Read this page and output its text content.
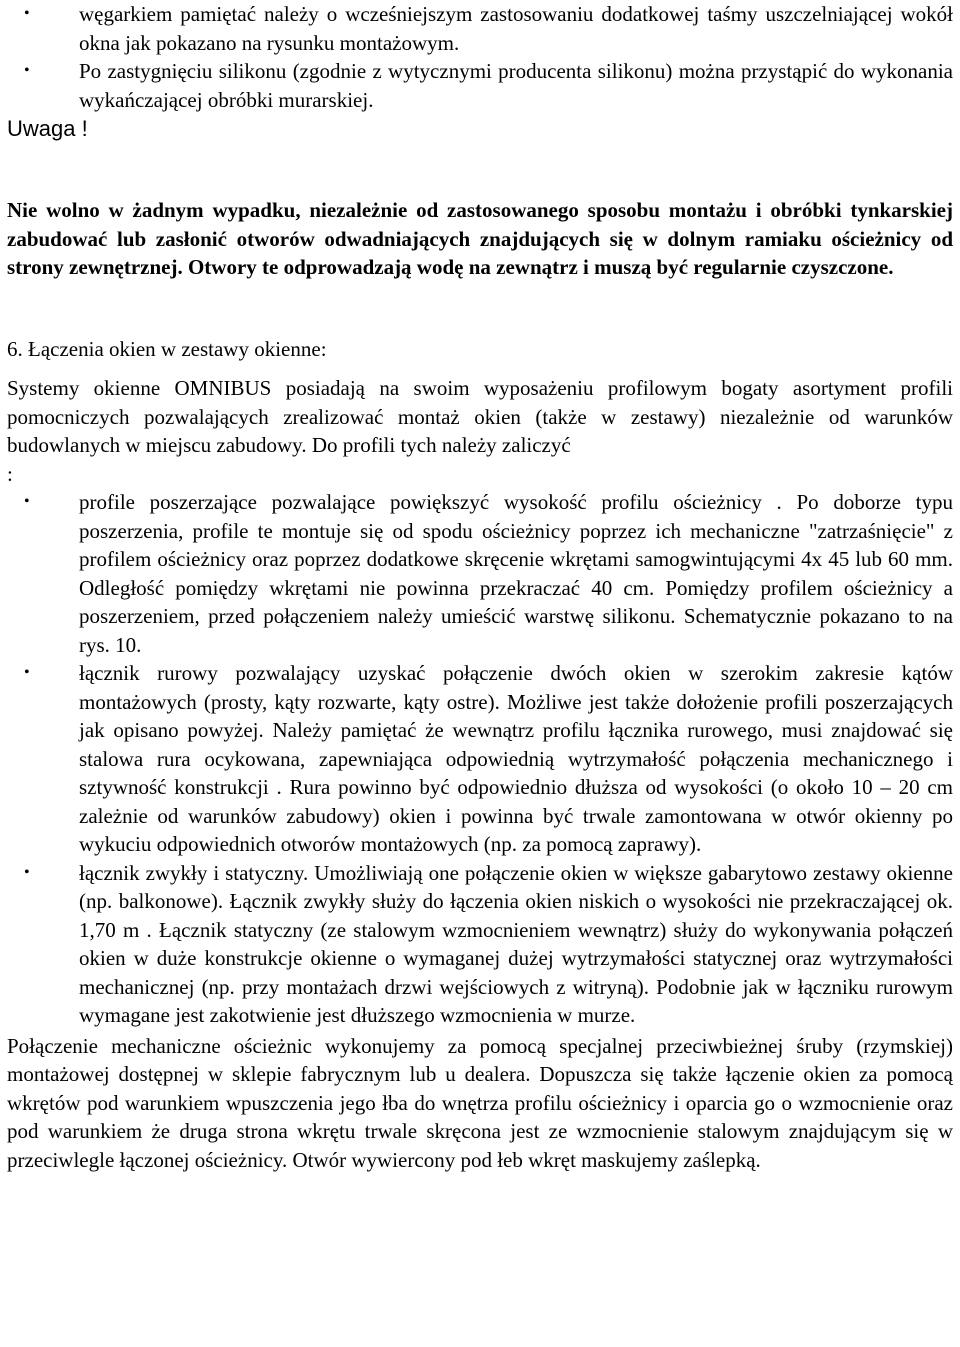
• węgarkiem pamiętać należy o wcześniejszym zastosowaniu dodatkowej taśmy uszczelniającej wokół okna jak pokazano na rysunku montażowym.
• Po zastygnięciu silikonu (zgodnie z wytycznymi producenta silikonu) można przystąpić do wykonania wykańczającej obróbki murarskiej.

Uwaga !

Nie wolno w żadnym wypadku, niezależnie od zastosowanego sposobu montażu i obróbki tynkarskiej zabudować lub zasłonić otworów odwadniających znajdujących się w dolnym ramiaku ościeżnicy od strony zewnętrznej. Otwory te odprowadzają wodę na zewnątrz i muszą być regularnie czyszczone.

6. Łączenia okien w zestawy okienne:

Systemy okienne OMNIBUS posiadają na swoim wyposażeniu profilowym bogaty asortyment profili pomocniczych pozwalających zrealizować montaż okien (także w zestawy) niezależnie od warunków budowlanych w miejscu zabudowy. Do profili tych należy zaliczyć

:

• profile poszerzające pozwalające powiększyć wysokość profilu ościeżnicy . Po doborze typu poszerzenia, profile te montuje się od spodu ościeżnicy poprzez ich mechaniczne "zatrzaśnięcie" z profilem ościeżnicy oraz poprzez dodatkowe skręcenie wkrętami samogwintującymi 4x 45 lub 60 mm. Odległość pomiędzy wkrętami nie powinna przekraczać 40 cm. Pomiędzy profilem ościeżnicy a poszerzeniem, przed połączeniem należy umieścić warstwę silikonu. Schematycznie pokazano to na rys. 10.
• łącznik rurowy pozwalający uzyskać połączenie dwóch okien w szerokim zakresie kątów montażowych (prosty, kąty rozwarte, kąty ostre). Możliwe jest także dołożenie profili poszerzających jak opisano powyżej. Należy pamiętać że wewnątrz profilu łącznika rurowego, musi znajdować się stalowa rura ocykowana, zapewniająca odpowiednią wytrzymałość połączenia mechanicznego i sztywność konstrukcji . Rura powinno być odpowiednio dłuższa od wysokości (o około 10 – 20 cm zależnie od warunków zabudowy) okien i powinna być trwale zamontowana w otwór okienny po wykuciu odpowiednich otworów montażowych (np. za pomocą zaprawy).
• łącznik zwykły i statyczny. Umożliwiają one połączenie okien w większe gabarytowo zestawy okienne (np. balkonowe). Łącznik zwykły służy do łączenia okien niskich o wysokości nie przekraczającej ok. 1,70 m . Łącznik statyczny (ze stalowym wzmocnieniem wewnątrz) służy do wykonywania połączeń okien w duże konstrukcje okienne o wymaganej dużej wytrzymałości statycznej oraz wytrzymałości mechanicznej (np. przy montażach drzwi wejściowych z witryną). Podobnie jak w łączniku rurowym wymagane jest zakotwienie jest dłuższego wzmocnienia w murze.

Połączenie mechaniczne ościeżnic wykonujemy za pomocą specjalnej przeciwbieżnej śruby (rzymskiej) montażowej dostępnej w sklepie fabrycznym lub u dealera. Dopuszcza się także łączenie okien za pomocą wkrętów pod warunkiem wpuszczenia jego łba do wnętrza profilu ościeżnicy i oparcia go o wzmocnienie oraz pod warunkiem że druga strona wkrętu trwale skręcona jest ze wzmocnienie stalowym znajdującym się w przeciwlegle łączonej ościeżnicy. Otwór wywiercony pod łeb wkręt maskujemy zaślepką.
